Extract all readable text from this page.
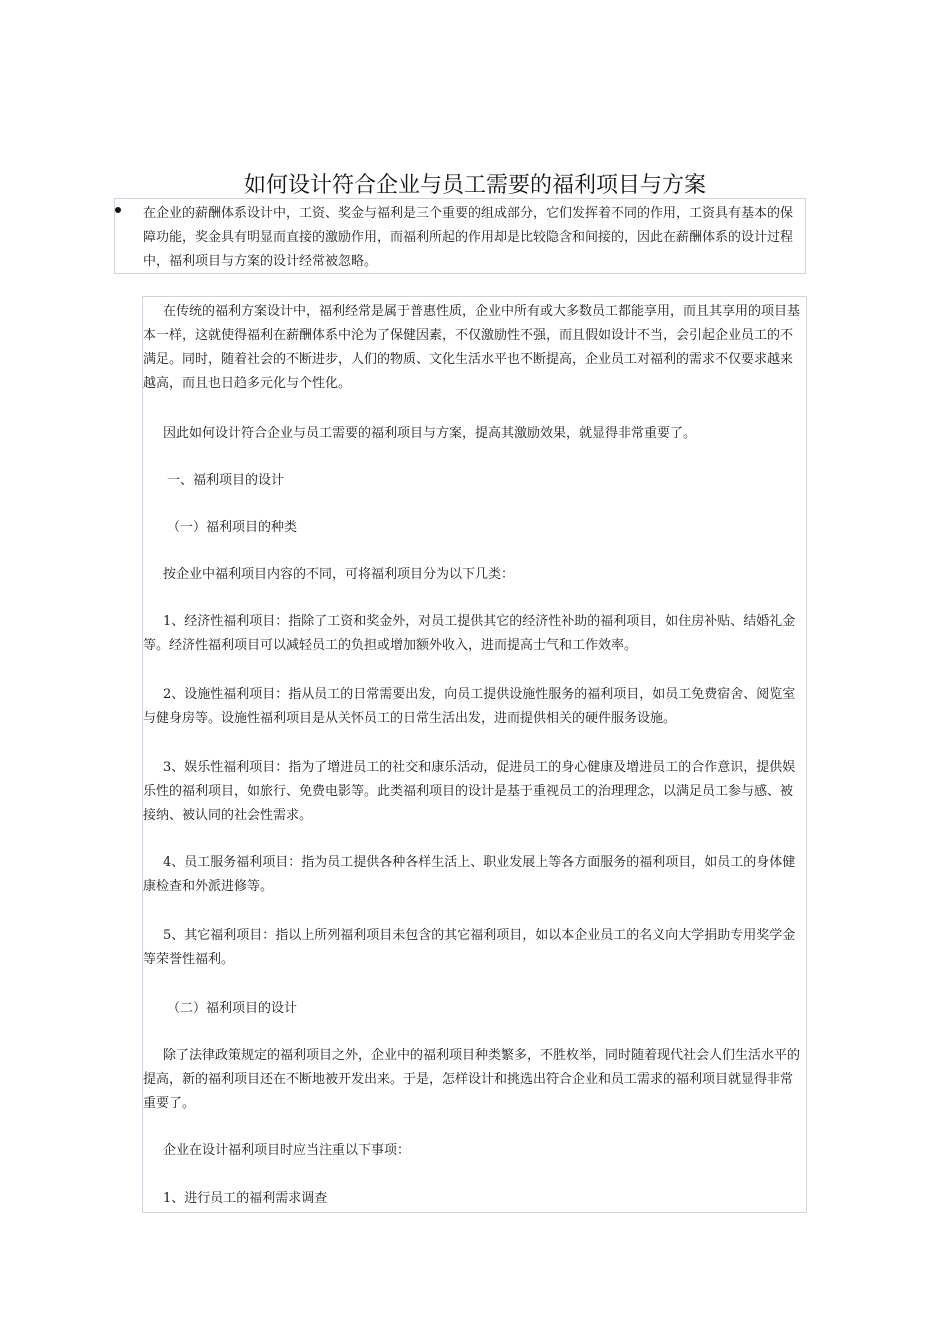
如何设计符合企业与员工需要的福利项目与方案

在企业的薪酬体系设计中，工资、奖金与福利是三个重要的组成部分，它们发挥着不同的作用，工资具有基本的保障功能，奖金具有明显而直接的激励作用，而福利所起的作用却是比较隐含和间接的，因此在薪酬体系的设计过程中，福利项目与方案的设计经常被忽略。

在传统的福利方案设计中，福利经常是属于普惠性质，企业中所有或大多数员工都能享用，而且其享用的项目基本一样，这就使得福利在薪酬体系中沦为了保健因素，不仅激励性不强，而且假如设计不当，会引起企业员工的不满足。同时，随着社会的不断进步，人们的物质、文化生活水平也不断提高，企业员工对福利的需求不仅要求越来越高，而且也日趋多元化与个性化。

因此如何设计符合企业与员工需要的福利项目与方案，提高其激励效果，就显得非常重要了。

一、福利项目的设计

（一）福利项目的种类

按企业中福利项目内容的不同，可将福利项目分为以下几类：

1、经济性福利项目：指除了工资和奖金外，对员工提供其它的经济性补助的福利项目，如住房补贴、结婚礼金等。经济性福利项目可以减轻员工的负担或增加额外收入，进而提高士气和工作效率。

2、设施性福利项目：指从员工的日常需要出发，向员工提供设施性服务的福利项目，如员工免费宿舍、阅览室与健身房等。设施性福利项目是从关怀员工的日常生活出发，进而提供相关的硬件服务设施。

3、娱乐性福利项目：指为了增进员工的社交和康乐活动，促进员工的身心健康及增进员工的合作意识，提供娱乐性的福利项目，如旅行、免费电影等。此类福利项目的设计是基于重视员工的治理理念，以满足员工参与感、被接纳、被认同的社会性需求。

4、员工服务福利项目：指为员工提供各种各样生活上、职业发展上等各方面服务的福利项目，如员工的身体健康检查和外派进修等。

5、其它福利项目：指以上所列福利项目未包含的其它福利项目，如以本企业员工的名义向大学捐助专用奖学金等荣誉性福利。

（二）福利项目的设计

除了法律政策规定的福利项目之外，企业中的福利项目种类繁多，不胜枚举，同时随着现代社会人们生活水平的提高，新的福利项目还在不断地被开发出来。于是，怎样设计和挑选出符合企业和员工需求的福利项目就显得非常重要了。

企业在设计福利项目时应当注重以下事项：

1、进行员工的福利需求调查
